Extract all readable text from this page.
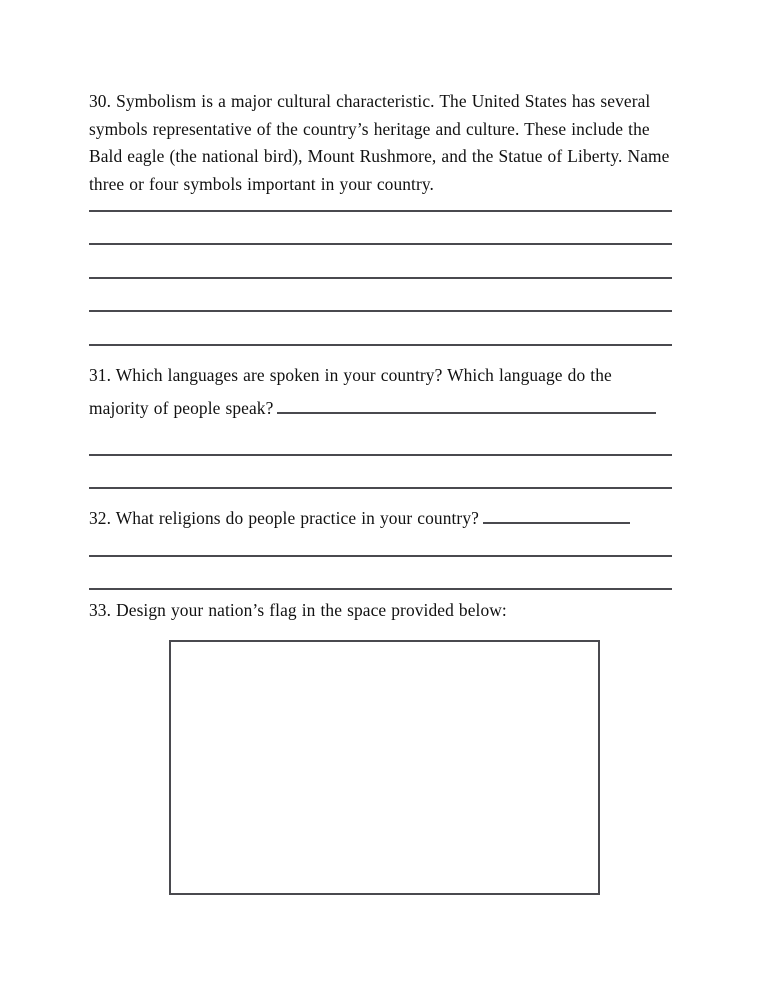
30. Symbolism is a major cultural characteristic. The United States has several symbols representative of the country’s heritage and culture. These include the Bald eagle (the national bird), Mount Rushmore, and the Statue of Liberty. Name three or four symbols important in your country.

31. Which languages are spoken in your country? Which language do the

majority of people speak?

32. What religions do people practice in your country?

33. Design your nation’s flag in the space provided below:
